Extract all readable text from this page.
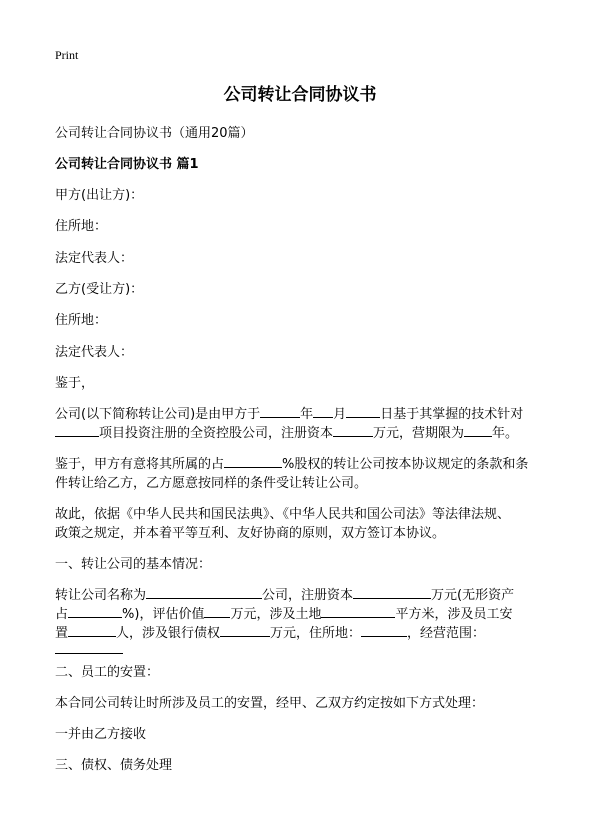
Print
公司转让合同协议书

公司转让合同协议书（通用20篇）

公司转让合同协议书 篇1

甲方(出让方)：

住所地：

法定代表人：

乙方(受让方)：

住所地：

法定代表人：

鉴于，

公司(以下简称转让公司)是由甲方于	年 月	日基于其掌握的技术针对

项目投资注册的全资控股公司，注册资本	万元，营期限为 年。

鉴于，甲方有意将其所属的占	%股权的转让公司按本协议规定的条款和条

件转让给乙方，乙方愿意按同样的条件受让转让公司。

故此，依据《中华人民共和国民法典》、《中华人民共和国公司法》等法律法规、

政策之规定，并本着平等互利、友好协商的原则，双方签订本协议。

一、转让公司的基本情况：

转让公司名称为	公司，注册资本	万元(无形资产

占	%)，评估价值 万元，涉及土地	平方米，涉及员工安

置	人，涉及银行债权	万元，住所地：	，经营范围：

二、员工的安置：

本合同公司转让时所涉及员工的安置，经甲、乙双方约定按如下方式处理：

一并由乙方接收

三、债权、债务处理
